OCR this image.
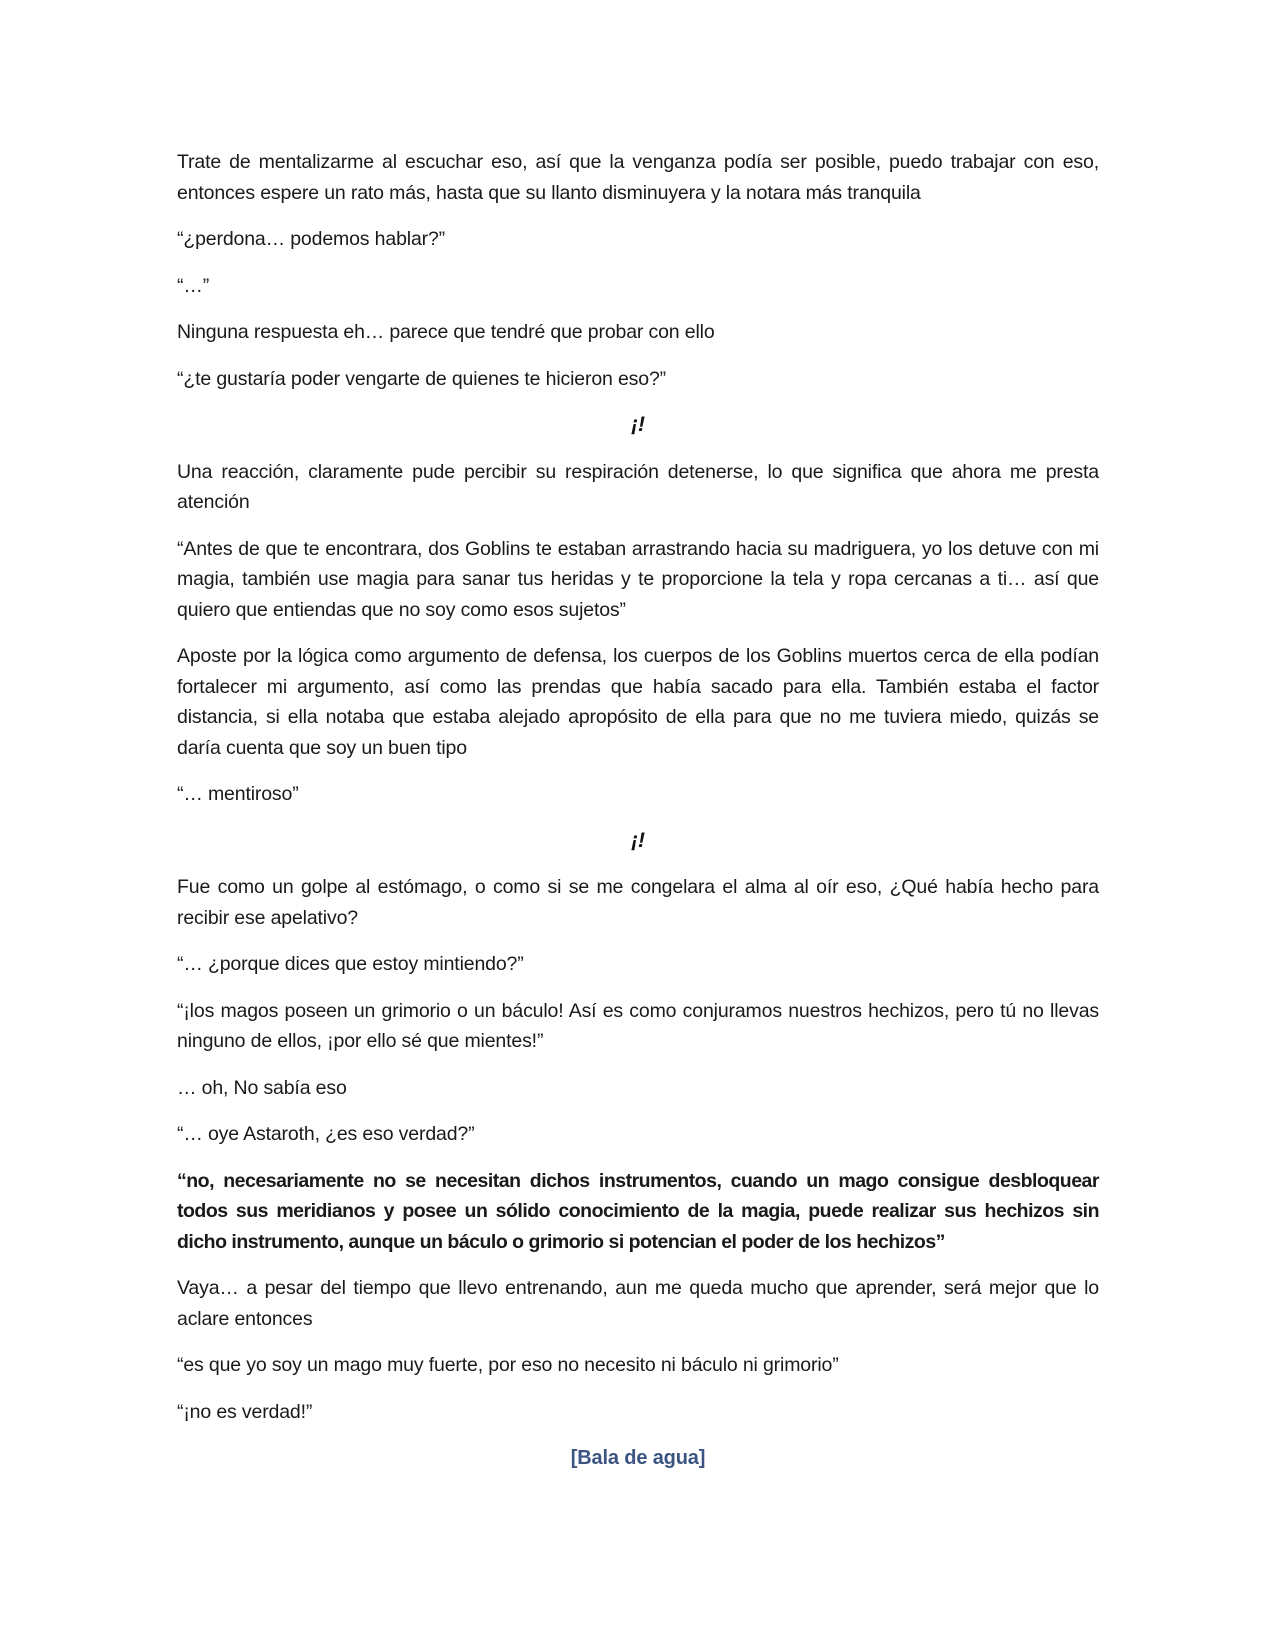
Trate de mentalizarme al escuchar eso, así que la venganza podía ser posible, puedo trabajar con eso, entonces espere un rato más, hasta que su llanto disminuyera y la notara más tranquila

“¿perdona… podemos hablar?”

“…”

Ninguna respuesta eh… parece que tendré que probar con ello

“¿te gustaría poder vengarte de quienes te hicieron eso?”

¡!

Una reacción, claramente pude percibir su respiración detenerse, lo que significa que ahora me presta atención

“Antes de que te encontrara, dos Goblins te estaban arrastrando hacia su madriguera, yo los detuve con mi magia, también use magia para sanar tus heridas y te proporcione la tela y ropa cercanas a ti… así que quiero que entiendas que no soy como esos sujetos”

Aposte por la lógica como argumento de defensa, los cuerpos de los Goblins muertos cerca de ella podían fortalecer mi argumento, así como las prendas que había sacado para ella. También estaba el factor distancia, si ella notaba que estaba alejado apropósito de ella para que no me tuviera miedo, quizás se daría cuenta que soy un buen tipo

“… mentiroso”

¡!

Fue como un golpe al estómago, o como si se me congelara el alma al oír eso, ¿Qué había hecho para recibir ese apelativo?

“… ¿porque dices que estoy mintiendo?”

“¡los magos poseen un grimorio o un báculo! Así es como conjuramos nuestros hechizos, pero tú no llevas ninguno de ellos, ¡por ello sé que mientes!”

… oh, No sabía eso

“… oye Astaroth, ¿es eso verdad?”

“no, necesariamente no se necesitan dichos instrumentos, cuando un mago consigue desbloquear todos sus meridianos y posee un sólido conocimiento de la magia, puede realizar sus hechizos sin dicho instrumento, aunque un báculo o grimorio si potencian el poder de los hechizos”

Vaya… a pesar del tiempo que llevo entrenando, aun me queda mucho que aprender, será mejor que lo aclare entonces

“es que yo soy un mago muy fuerte, por eso no necesito ni báculo ni grimorio”

“¡no es verdad!”

[Bala de agua]
